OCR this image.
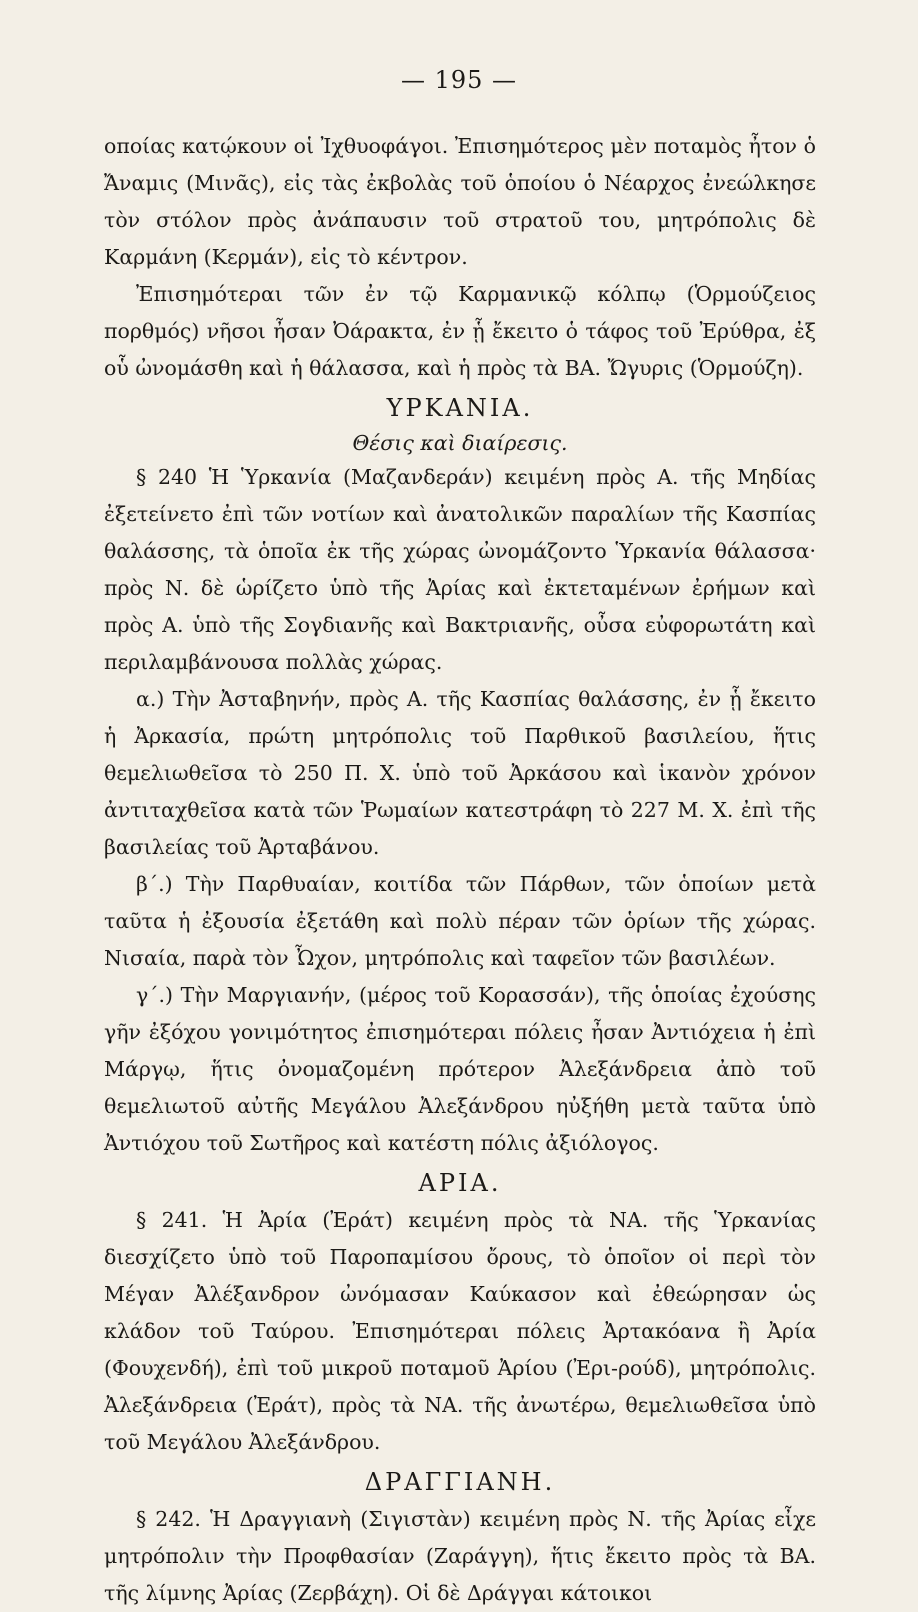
— 195 —

οποίας κατῴκουν οἱ Ἰχθυοφάγοι. Ἐπισημότερος μὲν ποταμὸς ἦτον ὁ Ἄναμις (Μινᾶς), εἰς τὰς ἐκβολὰς τοῦ ὁποίου ὁ Νέαρχος ἐνεώλκησε τὸν στόλον πρὸς ἀνάπαυσιν τοῦ στρατοῦ του, μητρόπολις δὲ Καρμάνη (Κερμάν), εἰς τὸ κέντρον.

Ἐπισημότεραι τῶν ἐν τῷ Καρμανικῷ κόλπῳ (Ὁρμούζειος πορθμός) νῆσοι ἦσαν Ὀάρακτα, ἐν ᾗ ἔκειτο ὁ τάφος τοῦ Ἐρύθρα, ἐξ οὗ ὠνομάσθη καὶ ἡ θάλασσα, καὶ ἡ πρὸς τὰ ΒΑ. Ὤγυρις (Ὁρμούζη).

ΥΡΚΑΝΙΑ.
Θέσις καὶ διαίρεσις.

§ 240 Ἡ Ὑρκανία (Μαζανδεράν) κειμένη πρὸς Α. τῆς Μηδίας ἐξετείνετο ἐπὶ τῶν νοτίων καὶ ἀνατολικῶν παραλίων τῆς Κασπίας θαλάσσης, τὰ ὁποῖα ἐκ τῆς χώρας ὠνομάζοντο Ὑρκανία θάλασσα· πρὸς Ν. δὲ ὡρίζετο ὑπὸ τῆς Ἀρίας καὶ ἐκτεταμένων ἐρήμων καὶ πρὸς Α. ὑπὸ τῆς Σογδιανῆς καὶ Βακτριανῆς, οὖσα εὐφορωτάτη καὶ περιλαμβάνουσα πολλὰς χώρας.

α.) Τὴν Ἀσταβηνήν, πρὸς Α. τῆς Κασπίας θαλάσσης, ἐν ᾗ ἔκειτο ἡ Ἀρκασία, πρώτη μητρόπολις τοῦ Παρθικοῦ βασιλείου, ἥτις θεμελιωθεῖσα τὸ 250 Π. Χ. ὑπὸ τοῦ Ἀρκάσου καὶ ἱκανὸν χρόνον ἀντιταχθεῖσα κατὰ τῶν Ῥωμαίων κατεστράφη τὸ 227 Μ. Χ. ἐπὶ τῆς βασιλείας τοῦ Ἀρταβάνου.

β΄.) Τὴν Παρθυαίαν, κοιτίδα τῶν Πάρθων, τῶν ὁποίων μετὰ ταῦτα ἡ ἐξουσία ἐξετάθη καὶ πολὺ πέραν τῶν ὁρίων τῆς χώρας. Νισαία, παρὰ τὸν Ὦχον, μητρόπολις καὶ ταφεῖον τῶν βασιλέων.

γ΄.) Τὴν Μαργιανήν, (μέρος τοῦ Κορασσάν), τῆς ὁποίας ἐχούσης γῆν ἐξόχου γονιμότητος ἐπισημότεραι πόλεις ἦσαν Ἀντιόχεια ἡ ἐπὶ Μάργῳ, ἥτις ὀνομαζομένη πρότερον Ἀλεξάνδρεια ἀπὸ τοῦ θεμελιωτοῦ αὐτῆς Μεγάλου Ἀλεξάνδρου ηὐξήθη μετὰ ταῦτα ὑπὸ Ἀντιόχου τοῦ Σωτῆρος καὶ κατέστη πόλις ἀξιόλογος.

ΑΡΙΑ.

§ 241. Ἡ Ἀρία (Ἐράτ) κειμένη πρὸς τὰ ΝΑ. τῆς Ὑρκανίας διεσχίζετο ὑπὸ τοῦ Παροπαμίσου ὄρους, τὸ ὁποῖον οἱ περὶ τὸν Μέγαν Ἀλέξανδρον ὠνόμασαν Καύκασον καὶ ἐθεώρησαν ὡς κλάδον τοῦ Ταύρου. Ἐπισημότεραι πόλεις Ἀρτακόανα ἢ Ἀρία (Φουχενδή), ἐπὶ τοῦ μικροῦ ποταμοῦ Ἀρίου (Ἐρι-ρούδ), μητρόπολις. Ἀλεξάνδρεια (Ἐράτ), πρὸς τὰ ΝΑ. τῆς ἀνωτέρω, θεμελιωθεῖσα ὑπὸ τοῦ Μεγάλου Ἀλεξάνδρου.

ΔΡΑΓΓΙΑΝΗ.

§ 242. Ἡ Δραγγιανὴ (Σιγιστὰν) κειμένη πρὸς Ν. τῆς Ἀρίας εἶχε μητρόπολιν τὴν Προφθασίαν (Ζαράγγη), ἥτις ἔκειτο πρὸς τὰ ΒΑ. τῆς λίμνης Ἀρίας (Ζερβάχη). Οἱ δὲ Δράγγαι κάτοικοι
